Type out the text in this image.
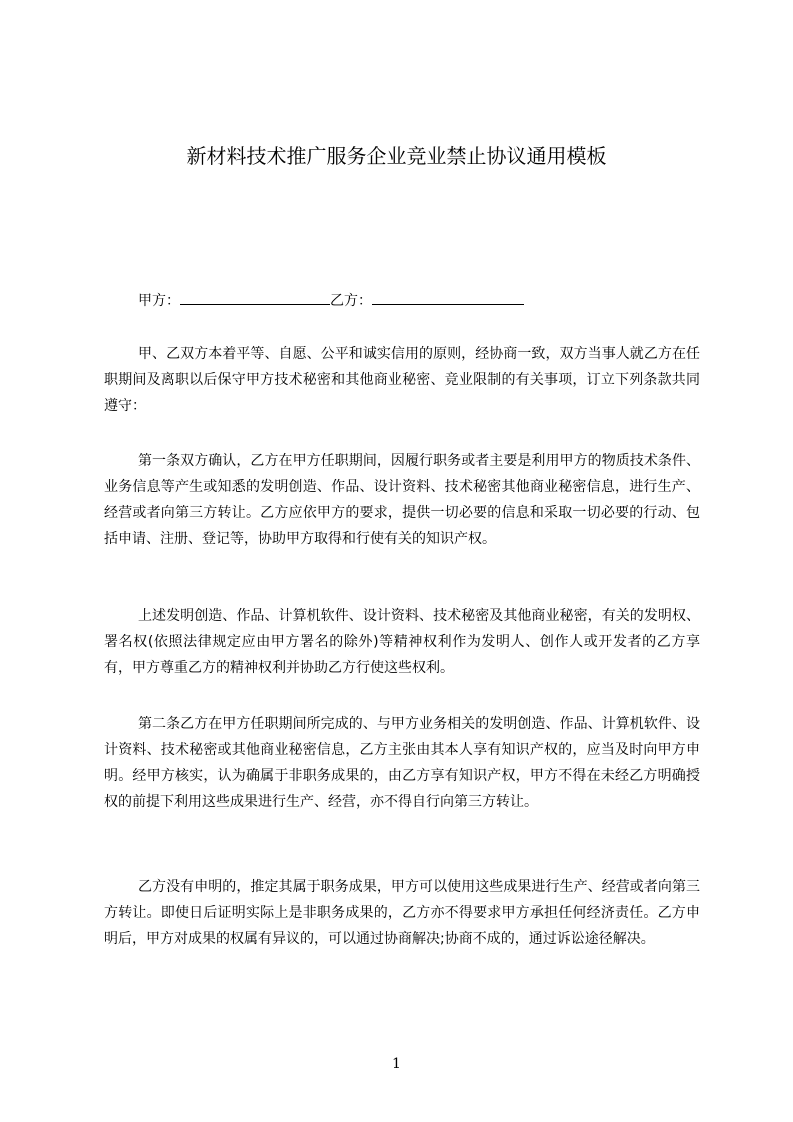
新材料技术推广服务企业竞业禁止协议通用模板
甲方：	乙方：

甲、乙双方本着平等、自愿、公平和诚实信用的原则，经协商一致，双方当事人就乙方在任职期间及离职以后保守甲方技术秘密和其他商业秘密、竞业限制的有关事项，订立下列条款共同遵守：

第一条双方确认，乙方在甲方任职期间，因履行职务或者主要是利用甲方的物质技术条件、业务信息等产生或知悉的发明创造、作品、设计资料、技术秘密其他商业秘密信息，进行生产、经营或者向第三方转让。乙方应依甲方的要求，提供一切必要的信息和采取一切必要的行动、包括申请、注册、登记等，协助甲方取得和行使有关的知识产权。

上述发明创造、作品、计算机软件、设计资料、技术秘密及其他商业秘密，有关的发明权、署名权(依照法律规定应由甲方署名的除外)等精神权利作为发明人、创作人或开发者的乙方享有，甲方尊重乙方的精神权利并协助乙方行使这些权利。

第二条乙方在甲方任职期间所完成的、与甲方业务相关的发明创造、作品、计算机软件、设计资料、技术秘密或其他商业秘密信息，乙方主张由其本人享有知识产权的，应当及时向甲方申明。经甲方核实，认为确属于非职务成果的，由乙方享有知识产权，甲方不得在未经乙方明确授权的前提下利用这些成果进行生产、经营，亦不得自行向第三方转让。

乙方没有申明的，推定其属于职务成果，甲方可以使用这些成果进行生产、经营或者向第三方转让。即使日后证明实际上是非职务成果的，乙方亦不得要求甲方承担任何经济责任。乙方申明后，甲方对成果的权属有异议的，可以通过协商解决;协商不成的，通过诉讼途径解决。

1
